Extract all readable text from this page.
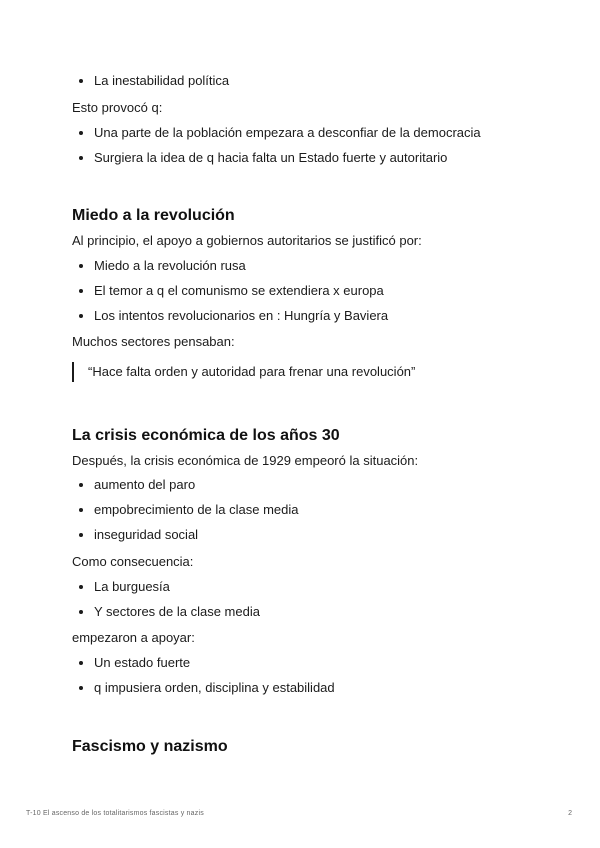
La inestabilidad política

Esto provocó q:

Una parte de la población empezara a desconfiar de la democracia
Surgiera la idea de q hacia falta un Estado fuerte y autoritario
Miedo a la revolución

Al principio, el apoyo a gobiernos autoritarios se justificó por:

Miedo a la revolución rusa
El temor a q el comunismo se extendiera x europa
Los intentos revolucionarios en : Hungría y Baviera

Muchos sectores pensaban:

“Hace falta orden y autoridad para frenar una revolución”
La crisis económica de los años 30

Después, la crisis económica de 1929 empeoró la situación:

aumento del paro
empobrecimiento de la clase media
inseguridad social

Como consecuencia:

La burguesía
Y sectores de la clase media

empezaron a apoyar:

Un estado fuerte
q impusiera orden, disciplina y estabilidad
Fascismo y nazismo
T-10 El ascenso de los totalitarismos fascistas y nazis	2
